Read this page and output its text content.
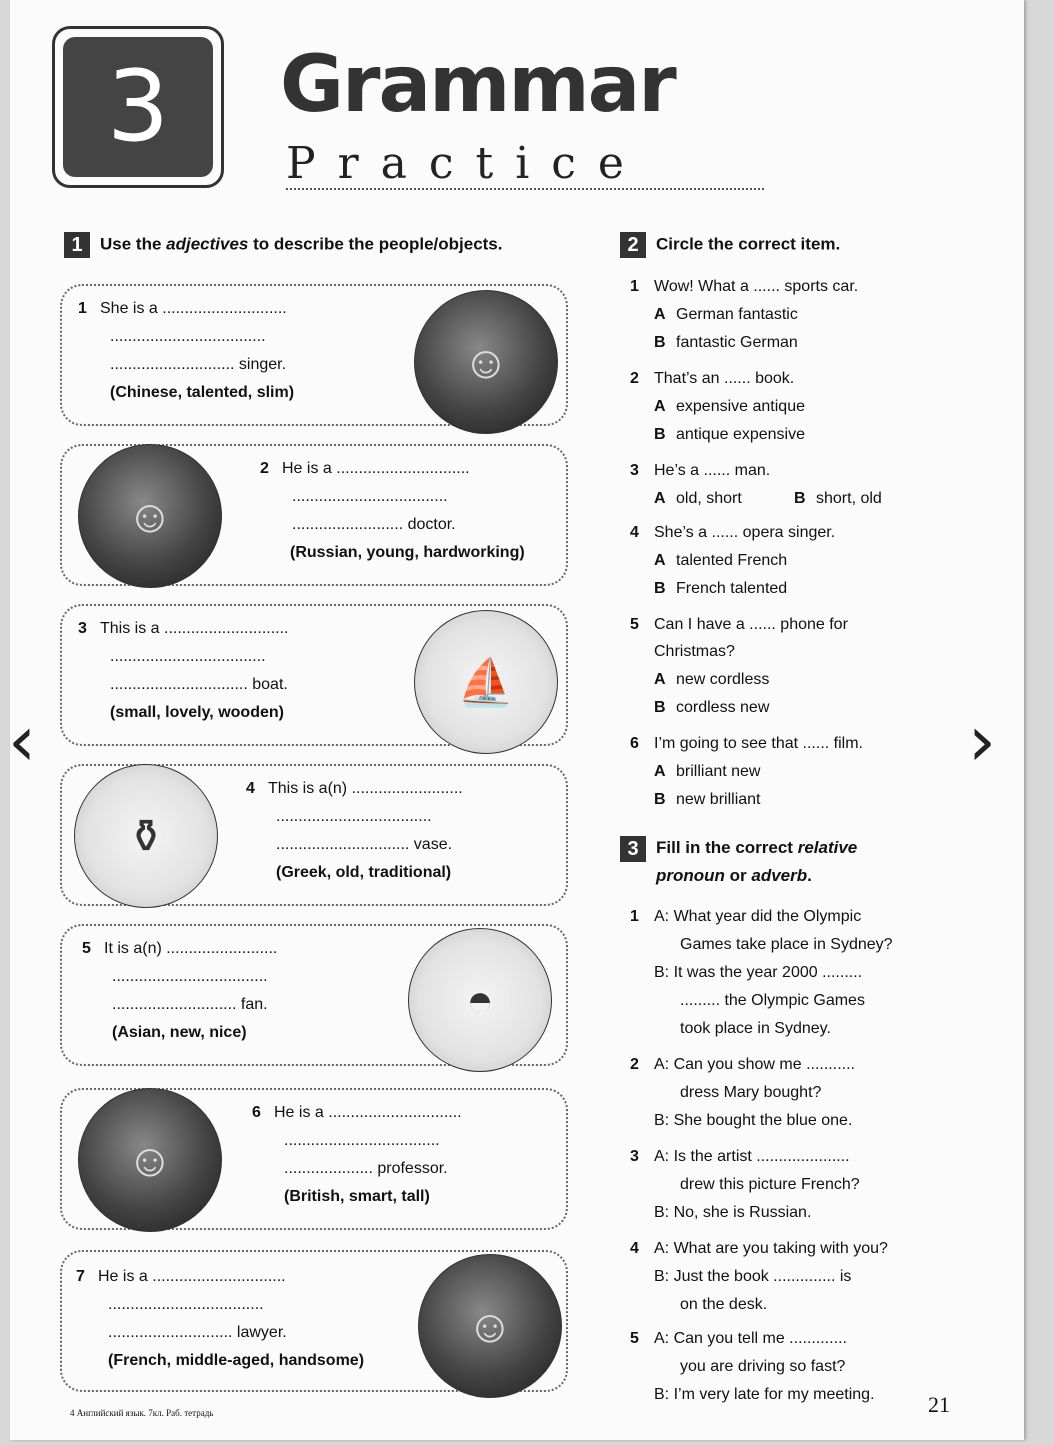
3	Grammar
Practice
1 Use the adjectives to describe the people/objects.
1 She is a ............................
...................................
............................ singer.
(Chinese, talented, slim)
☺
2 He is a ..............................
...................................
......................... doctor.
(Russian, young, hardworking)
☺
3 This is a ............................
...................................
............................... boat.
(small, lovely, wooden)
⛵
4 This is a(n) .........................
...................................
.............................. vase.
(Greek, old, traditional)
⚱
5 It is a(n) .........................
...................................
............................ fan.
(Asian, new, nice)
◓
6 He is a ..............................
...................................
.................... professor.
(British, smart, tall)
☺
7 He is a ..............................
...................................
............................ lawyer.
(French, middle-aged, handsome)
☺
2 Circle the correct item.
1 Wow! What a ...... sports car.
A German fantastic
B fantastic German
2 That’s an ...... book.
A expensive antique
B antique expensive
3 He’s a ...... man.
A old, short	B short, old
4 She’s a ...... opera singer.
A talented French
B French talented
5 Can I have a ...... phone for
Christmas?
A new cordless
B cordless new
6 I’m going to see that ...... film.
A brilliant new
B new brilliant
3 Fill in the correct relative
pronoun or adverb.
1 A: What year did the Olympic
Games take place in Sydney?
B: It was the year 2000 .........
......... the Olympic Games
took place in Sydney.
2 A: Can you show me ...........
dress Mary bought?
B: She bought the blue one.
3 A: Is the artist .....................
drew this picture French?
B: No, she is Russian.
4 A: What are you taking with you?
B: Just the book .............. is
on the desk.
5 A: Can you tell me .............
you are driving so fast?
B: I’m very late for my meeting.
4 Английский язык. 7кл. Раб. тетрадь	21
‹	›
